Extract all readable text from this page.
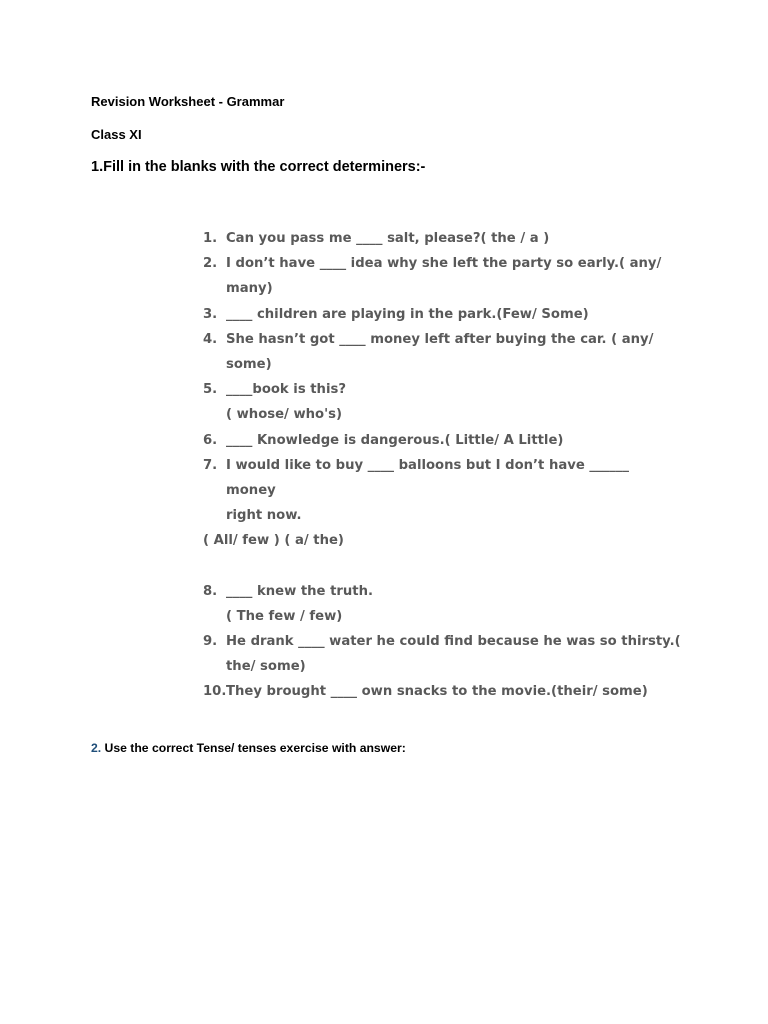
Revision Worksheet - Grammar
Class XI
1.Fill in the blanks with the correct determiners:-
1. Can you pass me ____ salt, please?( the / a )
2. I don’t have ____ idea why she left the party so early.( any/
many)
3. ____ children are playing in the park.(Few/ Some)
4. She hasn’t got ____ money left after buying the car. ( any/
some)
5. ____book is this?
( whose/ who's)
6. ____ Knowledge is dangerous.( Little/ A Little)
7. I would like to buy ____ balloons but I don’t have ______ money
right now.
( All/ few ) ( a/ the)
8. ____ knew the truth.
( The few / few)
9. He drank ____ water he could find because he was so thirsty.(
the/ some)
10. They brought ____ own snacks to the movie.(their/ some)
2. Use the correct Tense/ tenses exercise with answer:
